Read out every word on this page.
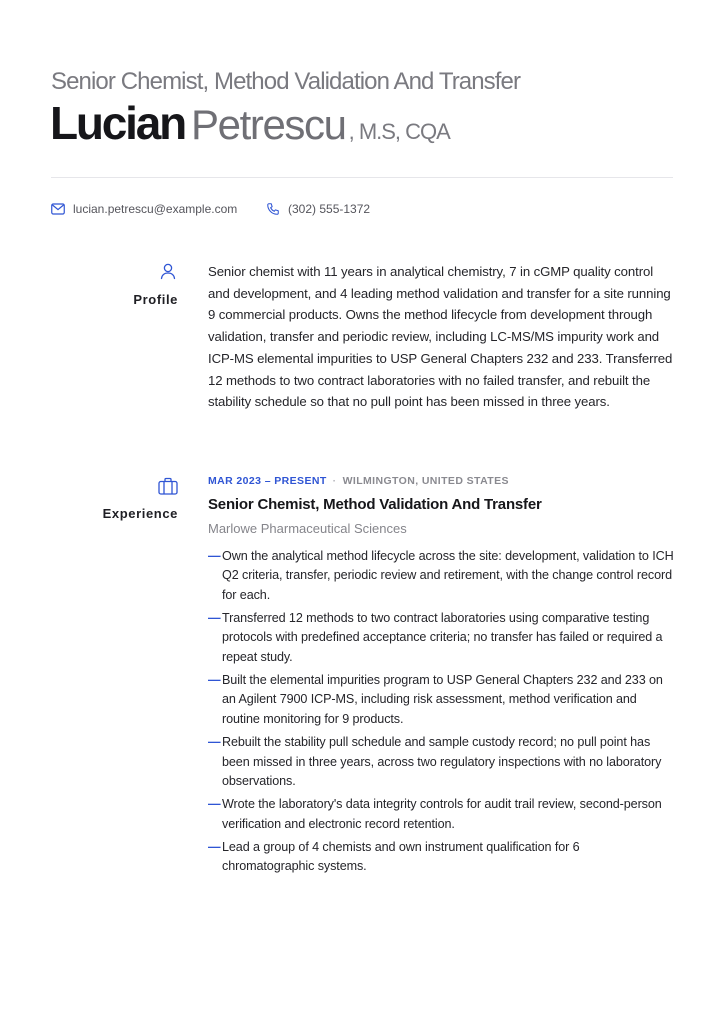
Senior Chemist, Method Validation And Transfer
Lucian Petrescu , M.S, CQA
lucian.petrescu@example.com	(302) 555-1372
Profile
Senior chemist with 11 years in analytical chemistry, 7 in cGMP quality control and development, and 4 leading method validation and transfer for a site running 9 commercial products. Owns the method lifecycle from development through validation, transfer and periodic review, including LC-MS/MS impurity work and ICP-MS elemental impurities to USP General Chapters 232 and 233. Transferred 12 methods to two contract laboratories with no failed transfer, and rebuilt the stability schedule so that no pull point has been missed in three years.
Experience
MAR 2023 – PRESENT · WILMINGTON, UNITED STATES
Senior Chemist, Method Validation And Transfer
Marlowe Pharmaceutical Sciences
— Own the analytical method lifecycle across the site: development, validation to ICH Q2 criteria, transfer, periodic review and retirement, with the change control record for each.
— Transferred 12 methods to two contract laboratories using comparative testing protocols with predefined acceptance criteria; no transfer has failed or required a repeat study.
— Built the elemental impurities program to USP General Chapters 232 and 233 on an Agilent 7900 ICP-MS, including risk assessment, method verification and routine monitoring for 9 products.
— Rebuilt the stability pull schedule and sample custody record; no pull point has been missed in three years, across two regulatory inspections with no laboratory observations.
— Wrote the laboratory's data integrity controls for audit trail review, second-person verification and electronic record retention.
— Lead a group of 4 chemists and own instrument qualification for 6 chromatographic systems.
